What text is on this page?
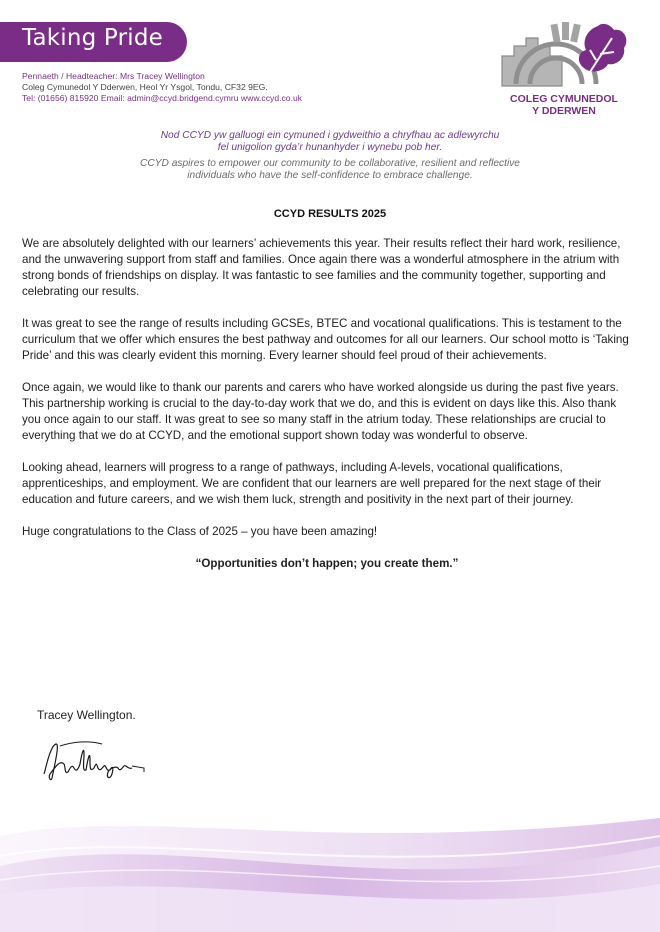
Taking Pride
Pennaeth / Headteacher: Mrs Tracey Wellington
Coleg Cymunedol Y Dderwen, Heol Yr Ysgol, Tondu, CF32 9EG.
Tel: (01656) 815920 Email: admin@ccyd.bridgend.cymru www.ccyd.co.uk	COLEG CYMUNEDOL
Y DDERWEN
Nod CCYD yw galluogi ein cymuned i gydweithio a chryfhau ac adlewyrchu
fel unigolion gyda’r hunanhyder i wynebu pob her.
CCYD aspires to empower our community to be collaborative, resilient and reflective
individuals who have the self-confidence to embrace challenge.
CCYD RESULTS 2025

We are absolutely delighted with our learners’ achievements this year. Their results reflect their hard work, resilience, and the unwavering support from staff and families. Once again there was a wonderful atmosphere in the atrium with strong bonds of friendships on display. It was fantastic to see families and the community together, supporting and celebrating our results.

It was great to see the range of results including GCSEs, BTEC and vocational qualifications. This is testament to the curriculum that we offer which ensures the best pathway and outcomes for all our learners. Our school motto is ‘Taking Pride’ and this was clearly evident this morning. Every learner should feel proud of their achievements.

Once again, we would like to thank our parents and carers who have worked alongside us during the past five years. This partnership working is crucial to the day-to-day work that we do, and this is evident on days like this. Also thank you once again to our staff. It was great to see so many staff in the atrium today. These relationships are crucial to everything that we do at CCYD, and the emotional support shown today was wonderful to observe.

Looking ahead, learners will progress to a range of pathways, including A-levels, vocational qualifications, apprenticeships, and employment. We are confident that our learners are well prepared for the next stage of their education and future careers, and we wish them luck, strength and positivity in the next part of their journey.

Huge congratulations to the Class of 2025 – you have been amazing!

“Opportunities don’t happen; you create them.”

Tracey Wellington.
